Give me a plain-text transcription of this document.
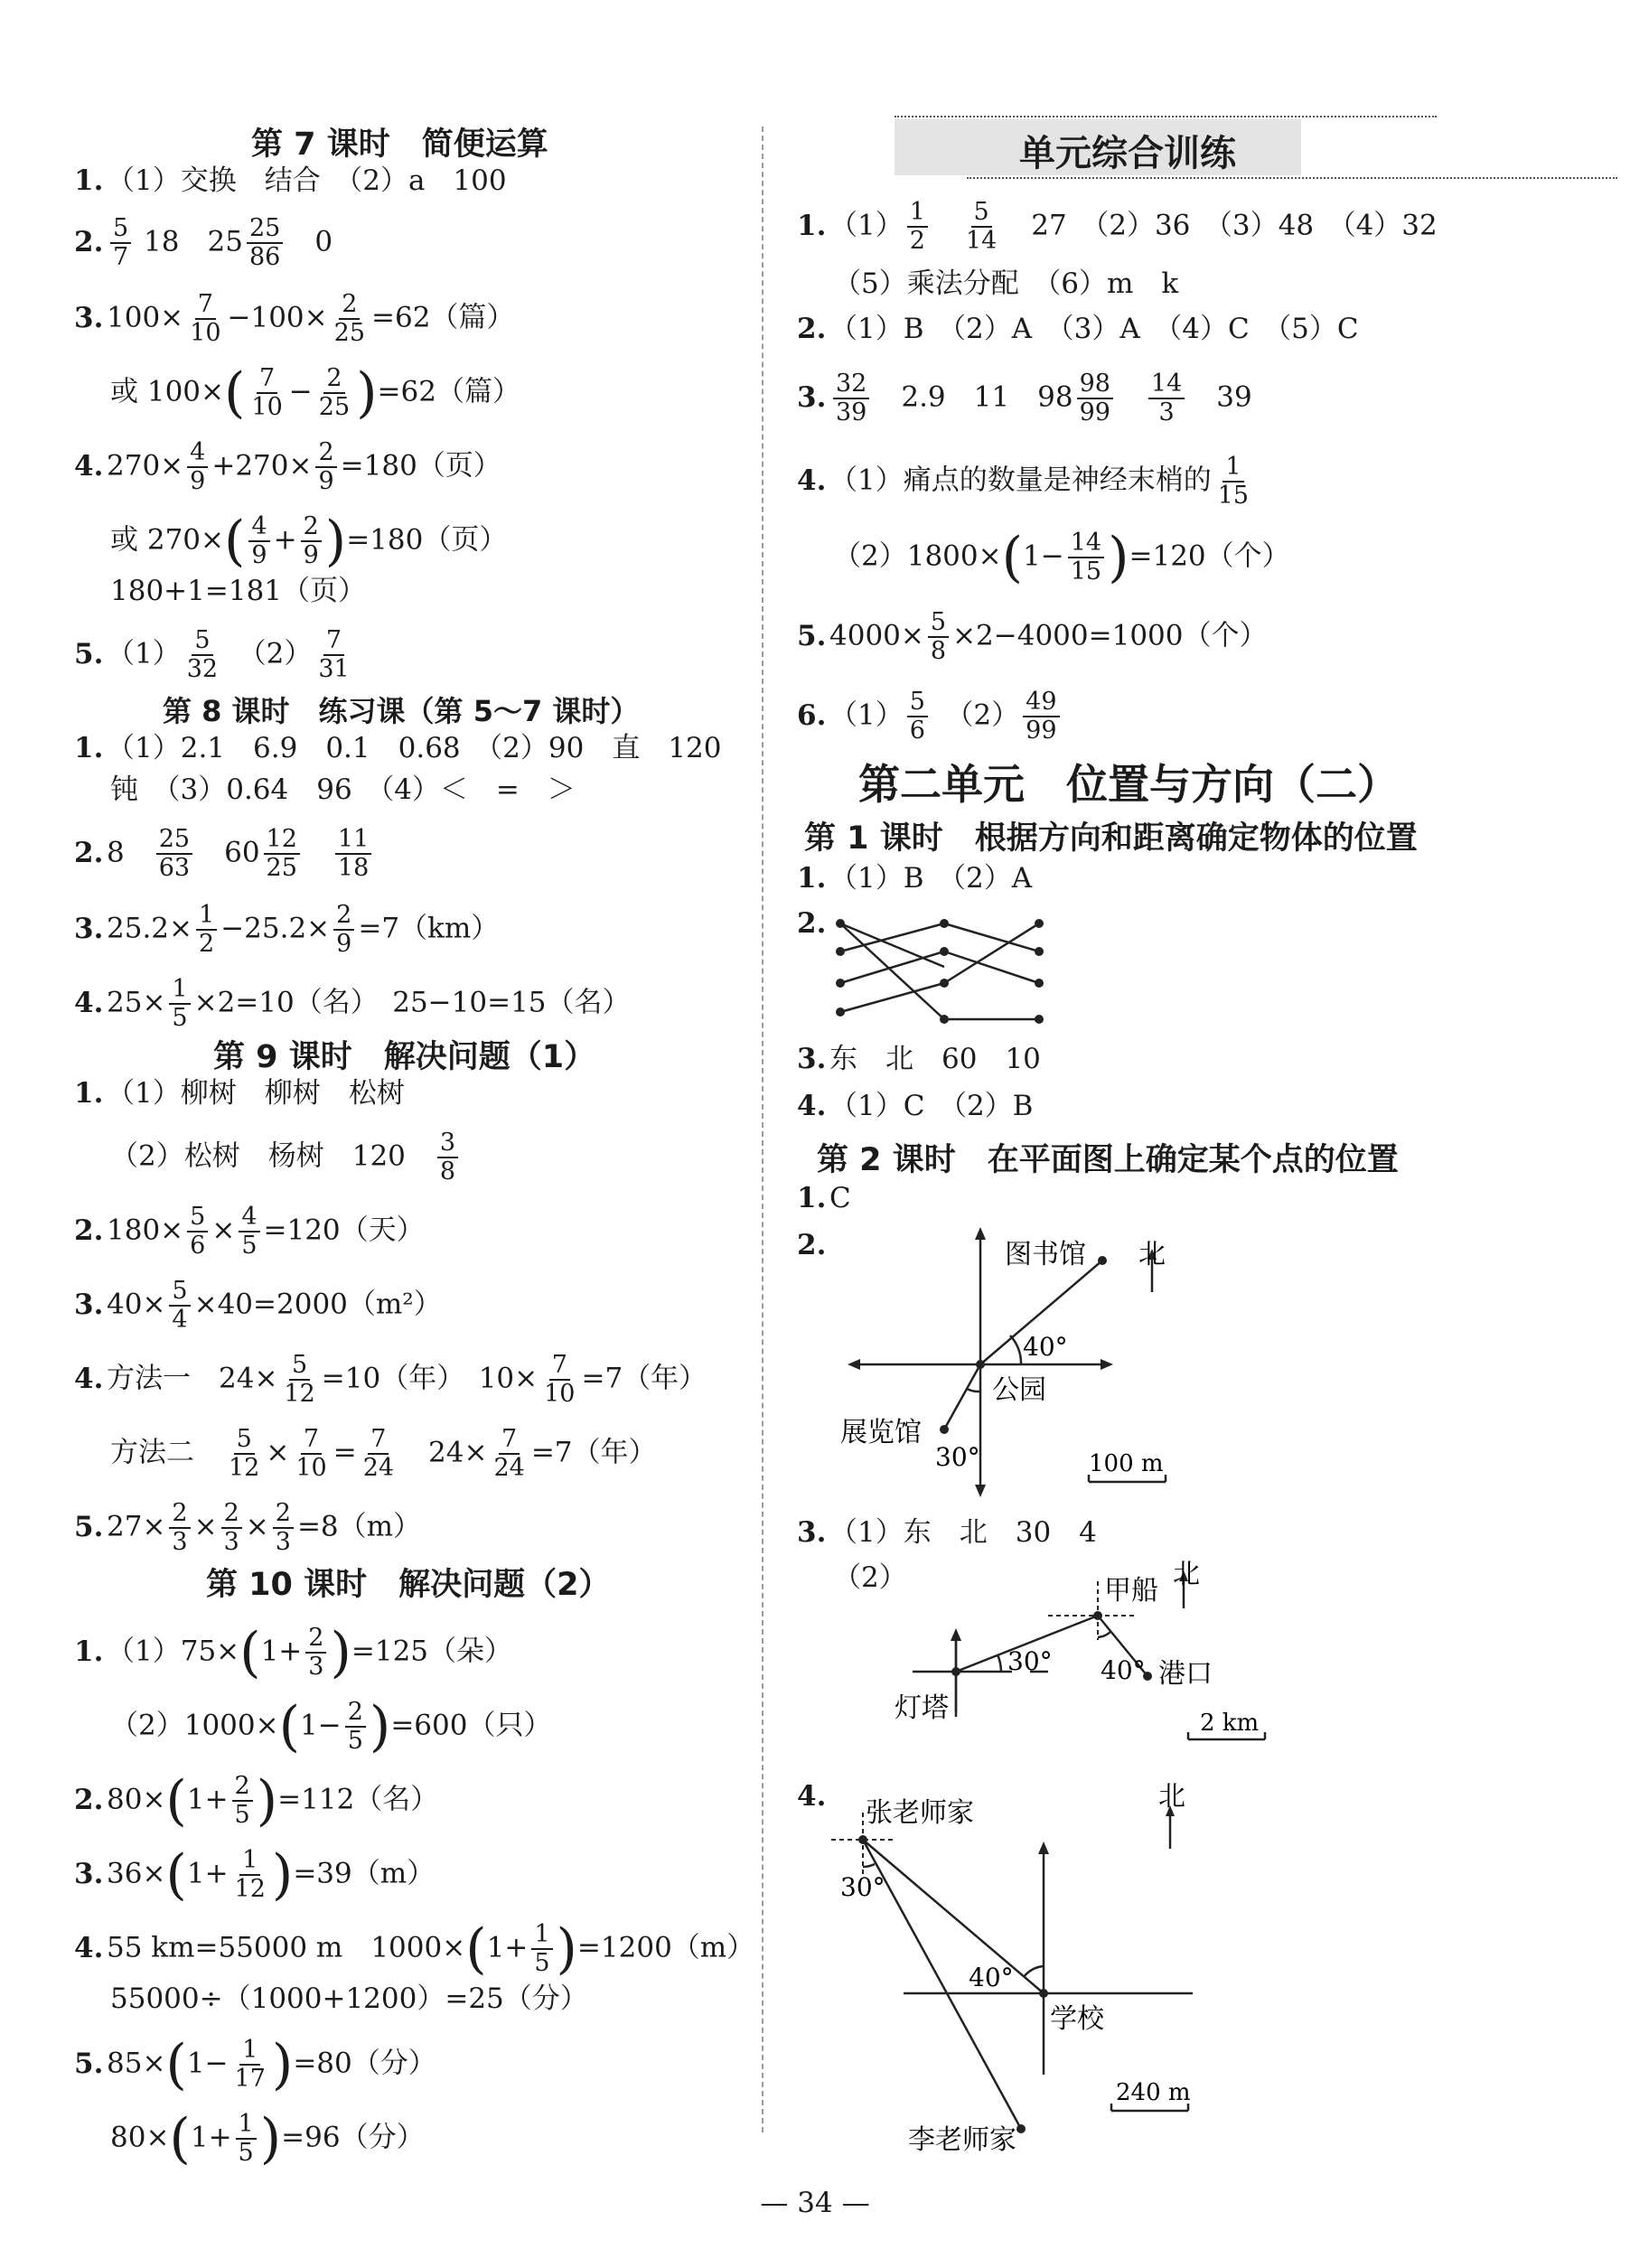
第 7 课时　简便运算
1. （1）交换　结合　（2）a　100
2. $\frac{5}{7} 18$　$25 \frac{25}{86}$
　 0
3. $100\times \frac{7}{10} -100\times \frac{2}{25} =62$（篇）
或 $100\times( \frac{7}{10} - \frac{2}{25} )=62$（篇）
4. $270\times \frac{4}{9} +270\times \frac{2}{9} =180$（页）
或 $270\times( \frac{4}{9} + \frac{2}{9} )=180$（页）
180+1=181（页）
5. $(1) \frac{5}{32}$
　 $(2) \frac{7}{31}$
第 8 课时　练习课（第 5～7 课时）
1. （1）2.1　6.9　0.1　0.68　（2）90　直　120
钝　（3）0.64　96　（4）＜　=　＞
2. 8　 $\frac{25}{63}$
　 $60 \frac{12}{25}$
　 $\frac{11}{18}$
3. $25.2\times \frac{1}{2} -25.2\times \frac{2}{9} =7(km)$
4. $25\times \frac{1}{5} \times 2=10$（名）　25−10=15（名）
第 9 课时　解决问题（1）
1. （1）柳树　柳树　松树
（2）松树　杨树　120　 $\frac{3}{8}$
2. $180\times \frac{5}{6} \times \frac{4}{5} =120$（天）
3. $40\times \frac{5}{4} \times 40=2000(m^2)$
4. 方法一　$24\times \frac{5}{12} =10$（年）　$10\times \frac{7}{10} =7$（年）
方法二　 $\frac{5}{12} \times \frac{7}{10} = \frac{7}{24}$ 　$24\times \frac{7}{24} =7$（年）
5. $27\times \frac{2}{3} \times \frac{2}{3} \times \frac{2}{3} =8(m)$
第 10 课时　解决问题（2）
1. $(1)75\times(1+ \frac{2}{3} )=125$（朵）
$(2)1000\times(1- \frac{2}{5} )=600$（只）
2. $80\times(1+ \frac{2}{5} )=112$（名）
3. $36\times(1+ \frac{1}{12} )=39(m)$
4. 55 km=55000 m　$1000\times(1+ \frac{1}{5} )=1200(m)$
55000÷（1000+1200）=25（分）
5. $85\times(1- \frac{1}{17} )=80$（分）
$80\times(1+ \frac{1}{5} )=96$（分）
单元综合训练
1. $(1) \frac{1}{2}$
　 $\frac{5}{14}$
　 27　（2）36　（3）48　（4）32
（5）乘法分配　（6）m　k
2. （1）B　（2）A　（3）A　（4）C　（5）C
3. $\frac{32}{39}$
　 2.9　11　$98 \frac{98}{99}$
　 $\frac{14}{3}$
　 39
4. （1）痛点的数量是神经末梢的 $\frac{1}{15}$
$(2)1800\times(1- \frac{14}{15} )=120$（个）
5. $4000\times \frac{5}{8} \times 2-4000=1000$（个）
6. $(1) \frac{5}{6}$
　 $(2) \frac{49}{99}$
第二单元　位置与方向（二）
第 1 课时　根据方向和距离确定物体的位置
1. （1）B　（2）A
2.
3. 东　北　60　10
4. （1）C　（2）B
第 2 课时　在平面图上确定某个点的位置
1. C
2.	图书馆 北
40°
公园
展览馆
30°	100 m
3. （1）东　北　30　4
（2）	甲船
北
30° 40° 港口
灯塔	2 km
4.
张老师家
北
30°
40°
学校
240 m
李老师家
— 34 —
